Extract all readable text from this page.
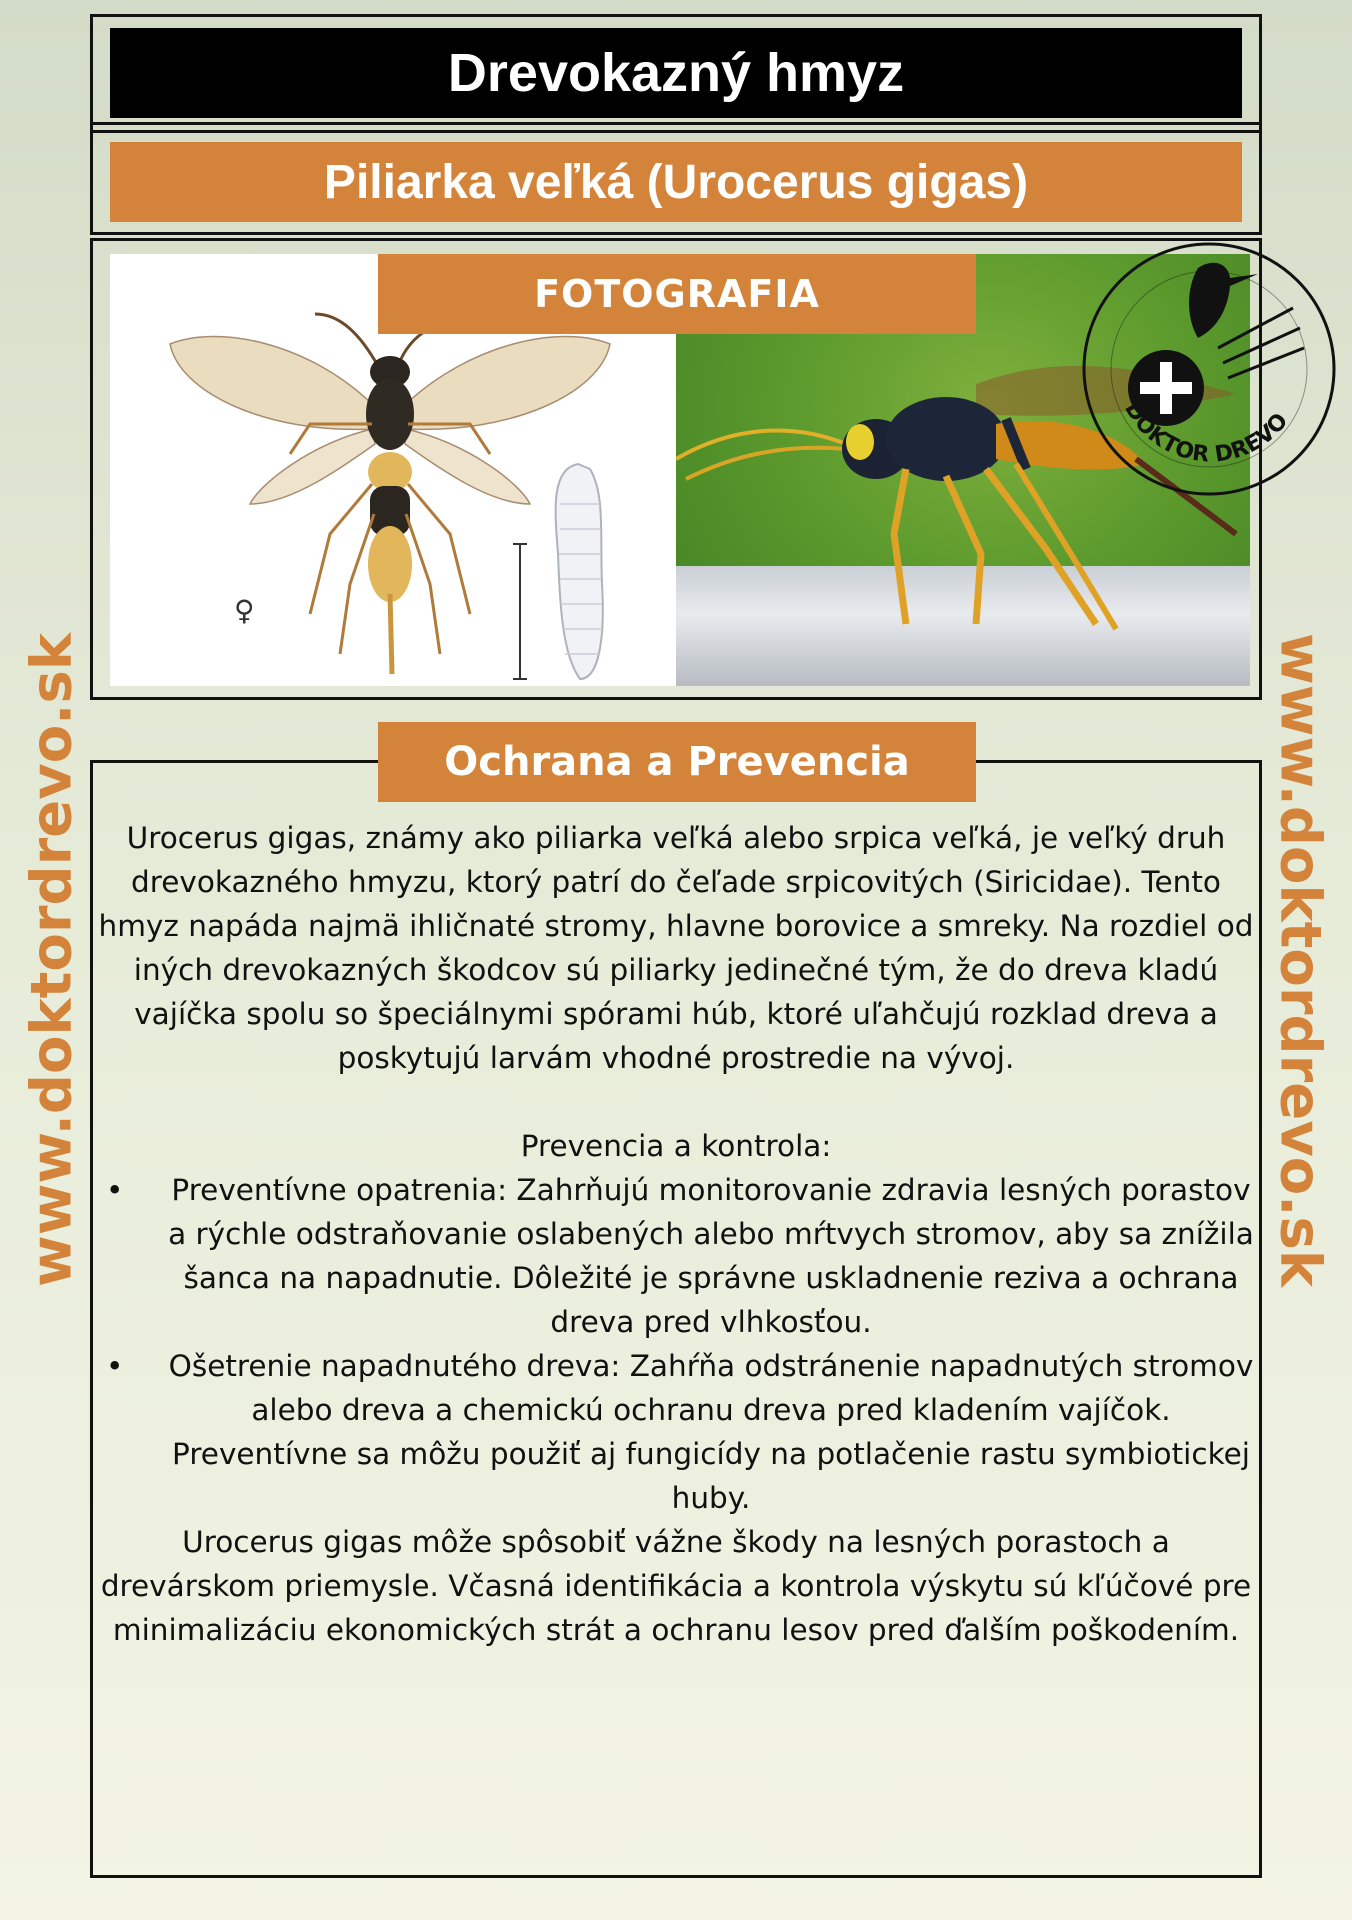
Drevokazný hmyz
Piliarka veľká (Urocerus gigas)
♀
FOTOGRAFIA
DOKTOR DREVO
Ochrana a Prevencia

Urocerus gigas, známy ako piliarka veľká alebo srpica veľká, je veľký druh drevokazného hmyzu, ktorý patrí do čeľade srpicovitých (Siricidae). Tento hmyz napáda najmä ihličnaté stromy, hlavne borovice a smreky. Na rozdiel od iných drevokazných škodcov sú piliarky jedinečné tým, že do dreva kladú vajíčka spolu so špeciálnymi spórami húb, ktoré uľahčujú rozklad dreva a poskytujú larvám vhodné prostredie na vývoj.

Prevencia a kontrola:

• Preventívne opatrenia: Zahrňujú monitorovanie zdravia lesných porastov a rýchle odstraňovanie oslabených alebo mŕtvych stromov, aby sa znížila šanca na napadnutie. Dôležité je správne uskladnenie reziva a ochrana dreva pred vlhkosťou.
• Ošetrenie napadnutého dreva: Zahŕňa odstránenie napadnutých stromov alebo dreva a chemickú ochranu dreva pred kladením vajíčok. Preventívne sa môžu použiť aj fungicídy na potlačenie rastu symbiotickej huby.

Urocerus gigas môže spôsobiť vážne škody na lesných porastoch a drevárskom priemysle. Včasná identifikácia a kontrola výskytu sú kľúčové pre minimalizáciu ekonomických strát a ochranu lesov pred ďalším poškodením.

www.doktordrevo.sk	www.doktordrevo.sk
